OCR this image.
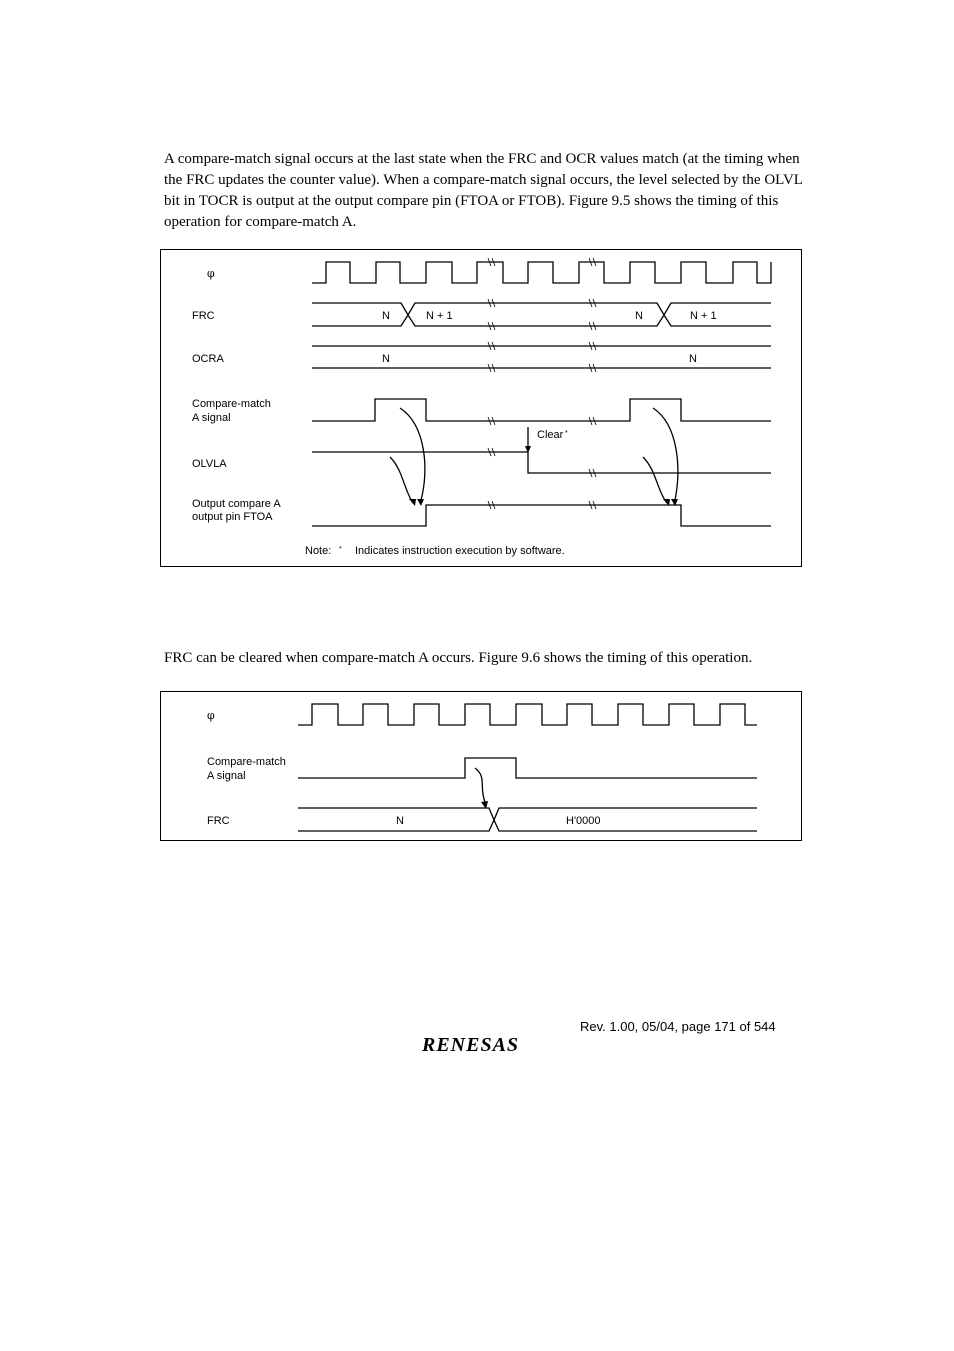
A compare-match signal occurs at the last state when the FRC and OCR values match (at the timing when the FRC updates the counter value). When a compare-match signal occurs, the level selected by the OLVL bit in TOCR is output at the output compare pin (FTOA or FTOB). Figure 9.5 shows the timing of this operation for compare-match A.

φ
FRC
OCRA
Compare-match
A signal
OLVLA
Output compare A
output pin FTOA
N	N + 1	N	N + 1
N	N
Clear *
Note: * Indicates instruction execution by software.

FRC can be cleared when compare-match A occurs. Figure 9.6 shows the timing of this operation.

φ
Compare-match
A signal
FRC	N	H'0000
Rev. 1.00, 05/04, page 171 of 544
RENESAS
